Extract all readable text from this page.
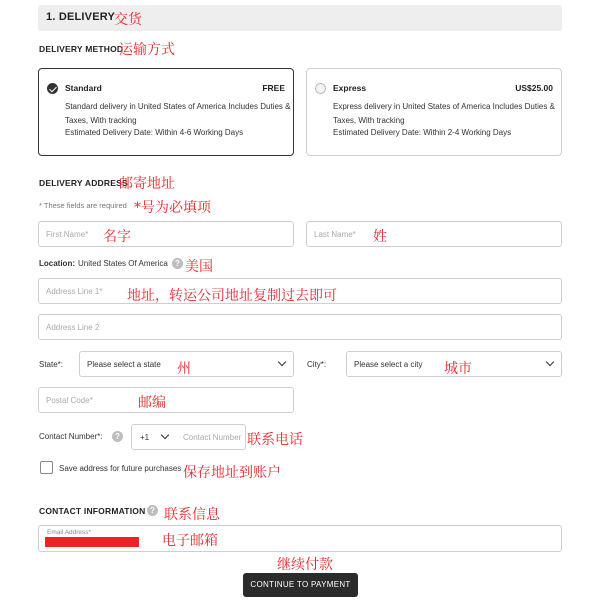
1. DELIVERY
交货
DELIVERY METHOD
运输方式
Standard	FREE
Standard delivery in United States of America Includes Duties & Taxes, With tracking
Estimated Delivery Date: Within 4-6 Working Days
Express	US$25.00
Express delivery in United States of America Includes Duties & Taxes, With tracking
Estimated Delivery Date: Within 2-4 Working Days
DELIVERY ADDRESS
邮寄地址
* These fields are required *号为必填项
First Name* 名字	Last Name* 姓
Location: United States Of America ? 美国
Address Line 1* 地址，转运公司地址复制过去即可
Address Line 2
State*:	Please select a state 州	City*:	Please select a city 城市
Postal Code*	邮编
Contact Number*:	?	+1	Contact Number 联系电话
Save address for future purchases 保存地址到账户
CONTACT INFORMATION ? 联系信息
Email Address*
电子邮箱
继续付款
CONTINUE TO PAYMENT
